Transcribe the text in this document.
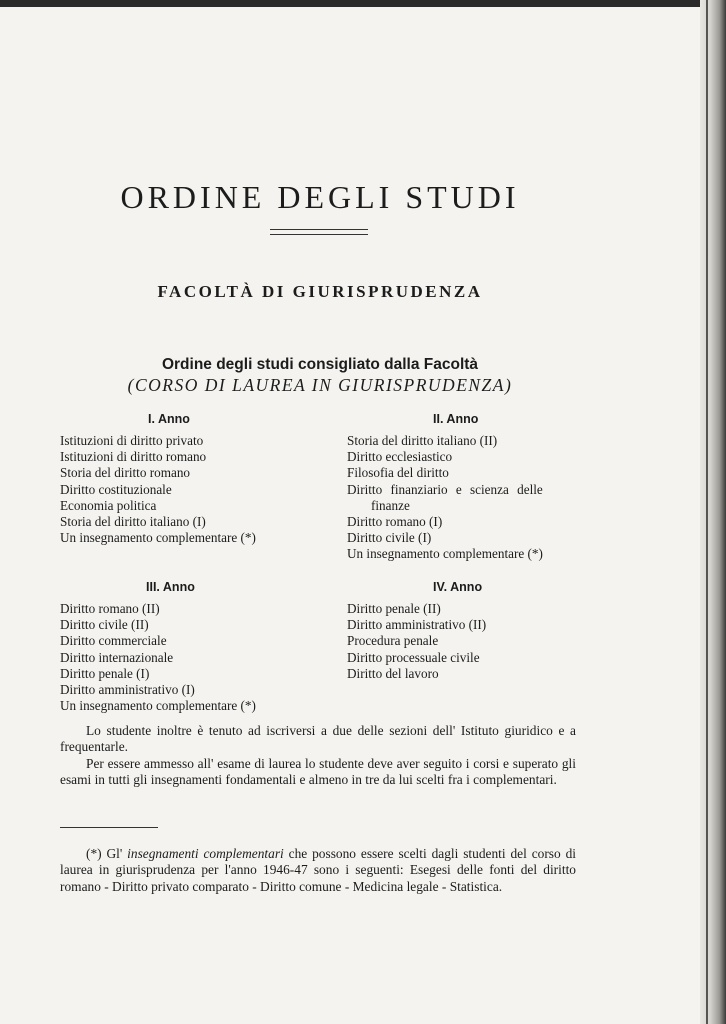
ORDINE DEGLI STUDI
FACOLTÀ DI GIURISPRUDENZA
Ordine degli studi consigliato dalla Facoltà
(CORSO DI LAUREA IN GIURISPRUDENZA)
I. Anno
Istituzioni di diritto privato
Istituzioni di diritto romano
Storia del diritto romano
Diritto costituzionale
Economia politica
Storia del diritto italiano (I)
Un insegnamento complementare (*)
II. Anno
Storia del diritto italiano (II)
Diritto ecclesiastico
Filosofia del diritto
Diritto finanziario e scienza delle
finanze
Diritto romano (I)
Diritto civile (I)
Un insegnamento complementare (*)
III. Anno
Diritto romano (II)
Diritto civile (II)
Diritto commerciale
Diritto internazionale
Diritto penale (I)
Diritto amministrativo (I)
Un insegnamento complementare (*)
IV. Anno
Diritto penale (II)
Diritto amministrativo (II)
Procedura penale
Diritto processuale civile
Diritto del lavoro

Lo studente inoltre è tenuto ad iscriversi a due delle sezioni dell' Istituto giuridico e a frequentarle.

Per essere ammesso all' esame di laurea lo studente deve aver seguito i corsi e superato gli esami in tutti gli insegnamenti fondamentali e almeno in tre da lui scelti fra i complementari.

(*) Gl' insegnamenti complementari che possono essere scelti dagli studenti del corso di laurea in giurisprudenza per l'anno 1946-47 sono i seguenti: Esegesi delle fonti del diritto romano - Diritto privato comparato - Diritto comune - Medicina legale - Statistica.
